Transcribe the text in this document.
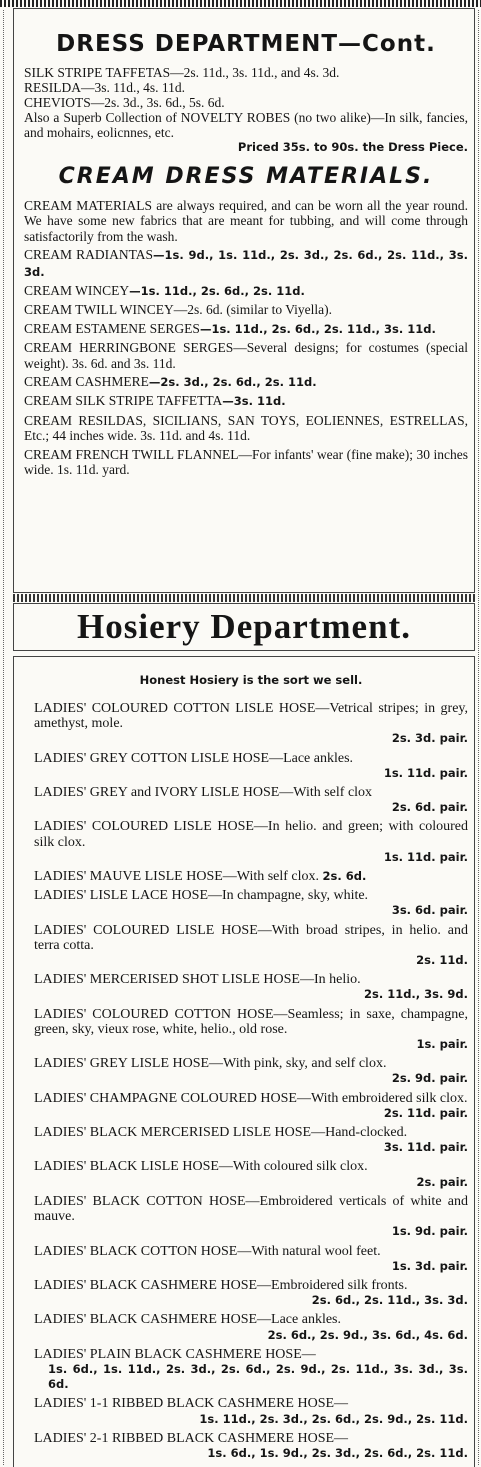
DRESS DEPARTMENT—Cont.

SILK STRIPE TAFFETAS—2s. 11d., 3s. 11d., and 4s. 3d.

RESILDA—3s. 11d., 4s. 11d.

CHEVIOTS—2s. 3d., 3s. 6d., 5s. 6d.

Also a Superb Collection of NOVELTY ROBES (no two alike)—In silk, fancies, and mohairs, eolicnnes, etc.

Priced 35s. to 90s. the Dress Piece.
CREAM DRESS MATERIALS.

CREAM MATERIALS are always required, and can be worn all the year round. We have some new fabrics that are meant for tubbing, and will come through satisfactorily from the wash.

CREAM RADIANTAS—1s. 9d., 1s. 11d., 2s. 3d., 2s. 6d., 2s. 11d., 3s. 3d.

CREAM WINCEY—1s. 11d., 2s. 6d., 2s. 11d.

CREAM TWILL WINCEY—2s. 6d. (similar to Viyella).

CREAM ESTAMENE SERGES—1s. 11d., 2s. 6d., 2s. 11d., 3s. 11d.

CREAM HERRINGBONE SERGES—Several designs; for costumes (special weight). 3s. 6d. and 3s. 11d.

CREAM CASHMERE—2s. 3d., 2s. 6d., 2s. 11d.

CREAM SILK STRIPE TAFFETTA—3s. 11d.

CREAM RESILDAS, SICILIANS, SAN TOYS, EOLIENNES, ESTRELLAS, Etc.; 44 inches wide. 3s. 11d. and 4s. 11d.

CREAM FRENCH TWILL FLANNEL—For infants' wear (fine make); 30 inches wide. 1s. 11d. yard.

Hosiery Department.
Honest Hosiery is the sort we sell.
LADIES' COLOURED COTTON LISLE HOSE—Vetrical stripes; in grey, amethyst, mole.
2s. 3d. pair.
LADIES' GREY COTTON LISLE HOSE—Lace ankles.
1s. 11d. pair.
LADIES' GREY and IVORY LISLE HOSE—With self clox
2s. 6d. pair.
LADIES' COLOURED LISLE HOSE—In helio. and green; with coloured silk clox.
1s. 11d. pair.
LADIES' MAUVE LISLE HOSE—With self clox. 2s. 6d.
LADIES' LISLE LACE HOSE—In champagne, sky, white.
3s. 6d. pair.
LADIES' COLOURED LISLE HOSE—With broad stripes, in helio. and terra cotta.
2s. 11d.
LADIES' MERCERISED SHOT LISLE HOSE—In helio.
2s. 11d., 3s. 9d.
LADIES' COLOURED COTTON HOSE—Seamless; in saxe, champagne, green, sky, vieux rose, white, helio., old rose.
1s. pair.
LADIES' GREY LISLE HOSE—With pink, sky, and self clox.
2s. 9d. pair.
LADIES' CHAMPAGNE COLOURED HOSE—With embroidered silk clox.
2s. 11d. pair.
LADIES' BLACK MERCERISED LISLE HOSE—Hand-clocked.
3s. 11d. pair.
LADIES' BLACK LISLE HOSE—With coloured silk clox.
2s. pair.
LADIES' BLACK COTTON HOSE—Embroidered verticals of white and mauve.
1s. 9d. pair.
LADIES' BLACK COTTON HOSE—With natural wool feet.
1s. 3d. pair.
LADIES' BLACK CASHMERE HOSE—Embroidered silk fronts.
2s. 6d., 2s. 11d., 3s. 3d.
LADIES' BLACK CASHMERE HOSE—Lace ankles.
2s. 6d., 2s. 9d., 3s. 6d., 4s. 6d.
LADIES' PLAIN BLACK CASHMERE HOSE—
1s. 6d., 1s. 11d., 2s. 3d., 2s. 6d., 2s. 9d., 2s. 11d., 3s. 3d., 3s. 6d.
LADIES' 1-1 RIBBED BLACK CASHMERE HOSE—
1s. 11d., 2s. 3d., 2s. 6d., 2s. 9d., 2s. 11d.
LADIES' 2-1 RIBBED BLACK CASHMERE HOSE—
1s. 6d., 1s. 9d., 2s. 3d., 2s. 6d., 2s. 11d.
